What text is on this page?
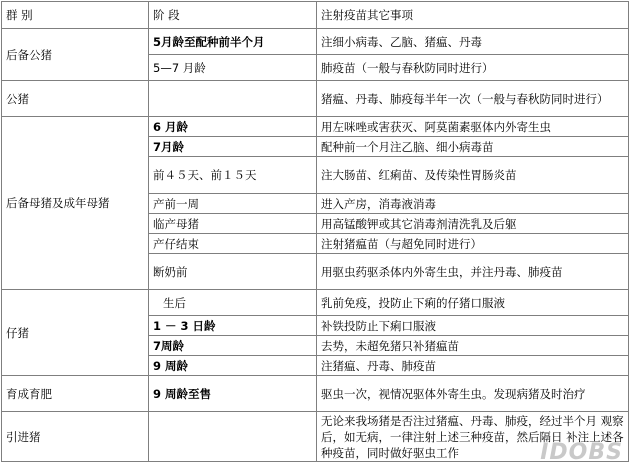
群 别	阶 段	注射疫苗其它事项
后备公猪	5月龄至配种前半个月	注细小病毒、乙脑、猪瘟、丹毒
	5—7 月龄	肺疫苗（一般与春秋防同时进行）
公猪		猪瘟、丹毒、肺疫每半年一次（一般与春秋防同时进行）
后备母猪及成年母猪	6 月龄	用左咪唑或害获灭、阿莫菌素驱体内外寄生虫
	7月龄	配种前一个月注乙脑、细小病毒苗
	前４５天、前１５天	注大肠苗、红痢苗、及传染性胃肠炎苗
	产前一周	进入产房，消毒液消毒
	临产母猪	用高锰酸钾或其它消毒剂清洗乳及后躯
	产仔结束	注射猪瘟苗（与超免同时进行）
	断奶前	用驱虫药驱杀体内外寄生虫，并注丹毒、肺疫苗
仔猪	生后	乳前免疫，投防止下痢的仔猪口服液
	1 － 3 日龄	补铁投防止下痢口服液
	7周龄	去势，未超免猪只补猪瘟苗
	9 周龄	注猪瘟、丹毒、肺疫苗
育成育肥	9 周龄至售	驱虫一次，视情况驱体外寄生虫。发现病猪及时治疗
引进猪		无论来我场猪是否注过猪瘟、丹毒、肺疫，经过半个月 观察后，如无病，一律注射上述三种疫苗，然后隔日 补注上述各种疫苗，同时做好驱虫工作	IDOBS
